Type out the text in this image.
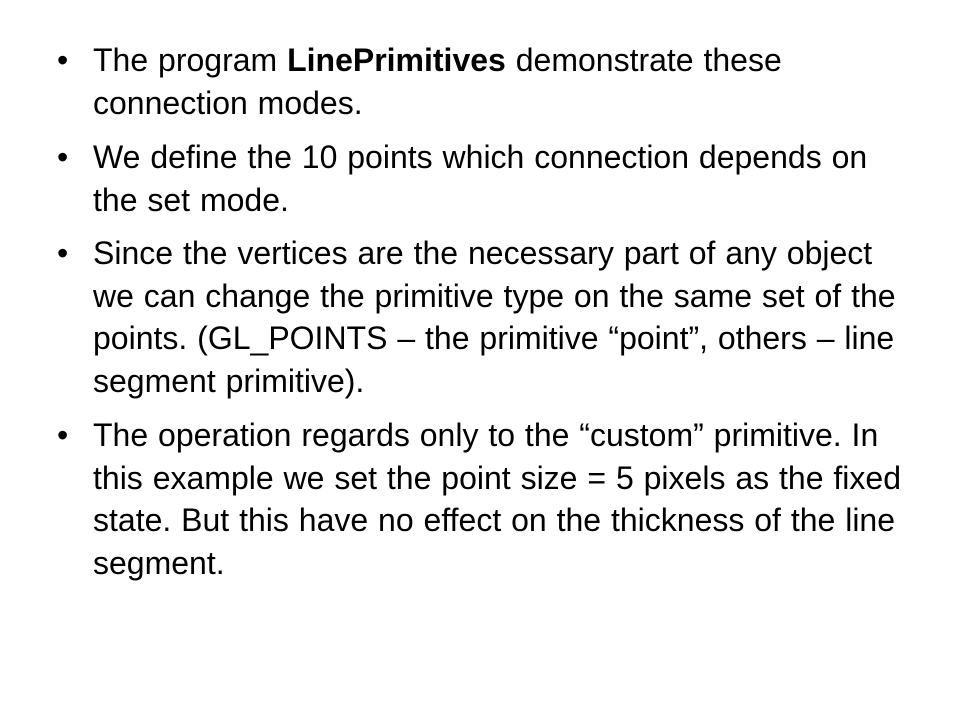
• The program LinePrimitives demonstrate these connection modes.
• We define the 10 points which connection depends on the set mode.
• Since the vertices are the necessary part of any object we can change the primitive type on the same set of the points. (GL_POINTS – the primitive “point”, others – line segment primitive).
• The operation regards only to the “custom” primitive. In this example we set the point size = 5 pixels as the fixed state. But this have no effect on the thickness of the line segment.
